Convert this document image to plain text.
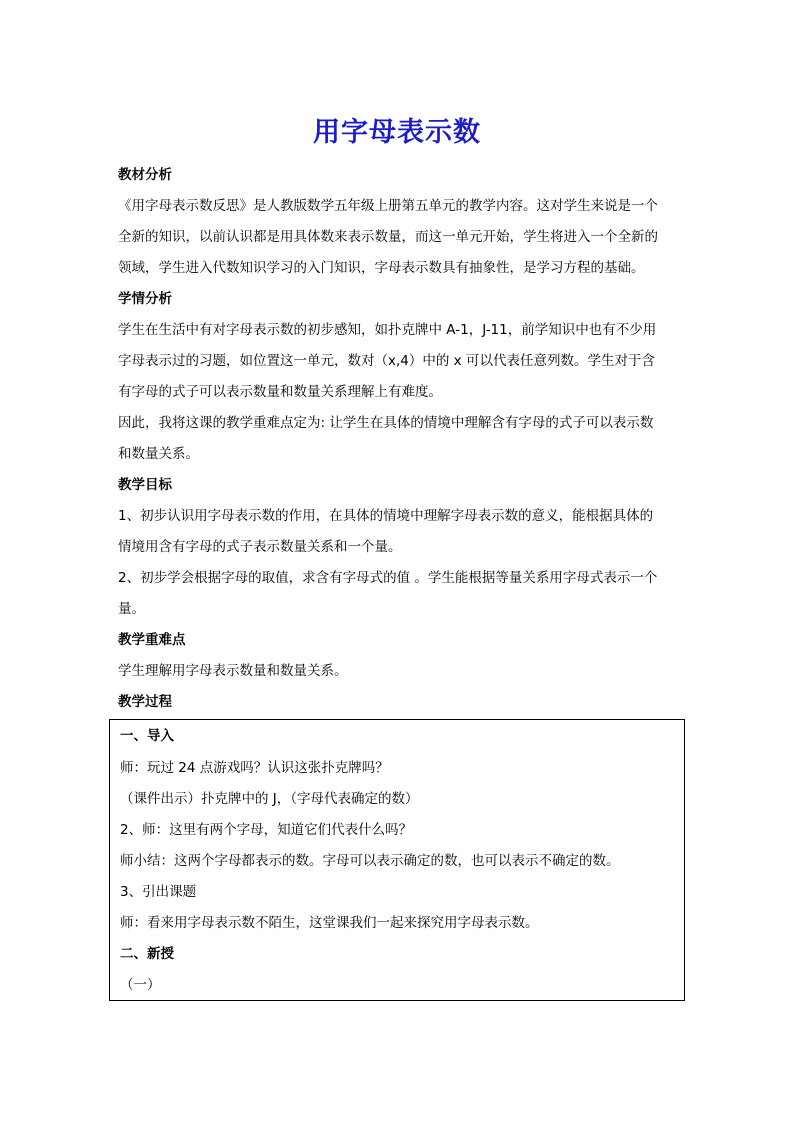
用字母表示数
教材分析
《用字母表示数反思》是人教版数学五年级上册第五单元的教学内容。这对学生来说是一个
全新的知识，以前认识都是用具体数来表示数量，而这一单元开始，学生将进入一个全新的
领域，学生进入代数知识学习的入门知识，字母表示数具有抽象性，是学习方程的基础。
学情分析
学生在生活中有对字母表示数的初步感知，如扑克牌中 A-1，J-11，前学知识中也有不少用
字母表示过的习题，如位置这一单元，数对（x,4）中的 x 可以代表任意列数。学生对于含
有字母的式子可以表示数量和数量关系理解上有难度。
因此，我将这课的教学重难点定为: 让学生在具体的情境中理解含有字母的式子可以表示数
和数量关系。
教学目标
1、初步认识用字母表示数的作用，在具体的情境中理解字母表示数的意义，能根据具体的
情境用含有字母的式子表示数量关系和一个量。
2、初步学会根据字母的取值，求含有字母式的值 。学生能根据等量关系用字母式表示一个
量。
教学重难点
学生理解用字母表示数量和数量关系。
教学过程
一、导入
师：玩过 24 点游戏吗？认识这张扑克牌吗？
（课件出示）扑克牌中的 J，（字母代表确定的数）
2、师：这里有两个字母，知道它们代表什么吗？
师小结：这两个字母都表示的数。字母可以表示确定的数，也可以表示不确定的数。
3、引出课题
师：看来用字母表示数不陌生，这堂课我们一起来探究用字母表示数。
二、新授
（一）
